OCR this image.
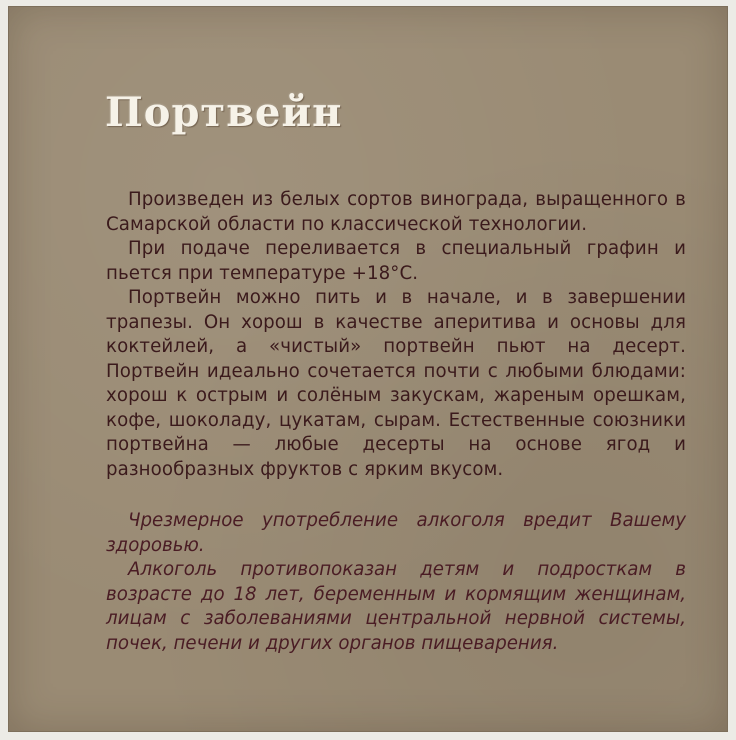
Портвейн

Произведен из белых сортов винограда, выращенного в Самарской области по классической технологии.

При подаче переливается в специальный графин и пьется при температуре +18°С.

Портвейн можно пить и в начале, и в завершении трапезы. Он хорош в качестве аперитива и основы для коктейлей, а «чистый» портвейн пьют на десерт. Портвейн идеально сочетается почти с любыми блюдами: хорош к острым и солёным закускам, жареным орешкам, кофе, шоколаду, цукатам, сырам. Естественные союзники портвейна — любые десерты на основе ягод и разнообразных фруктов с ярким вкусом.

Чрезмерное употребление алкоголя вредит Вашему здоровью.

Алкоголь противопоказан детям и подросткам в возрасте до 18 лет, беременным и кормящим женщинам, лицам с заболеваниями центральной нервной системы, почек, печени и других органов пищеварения.
